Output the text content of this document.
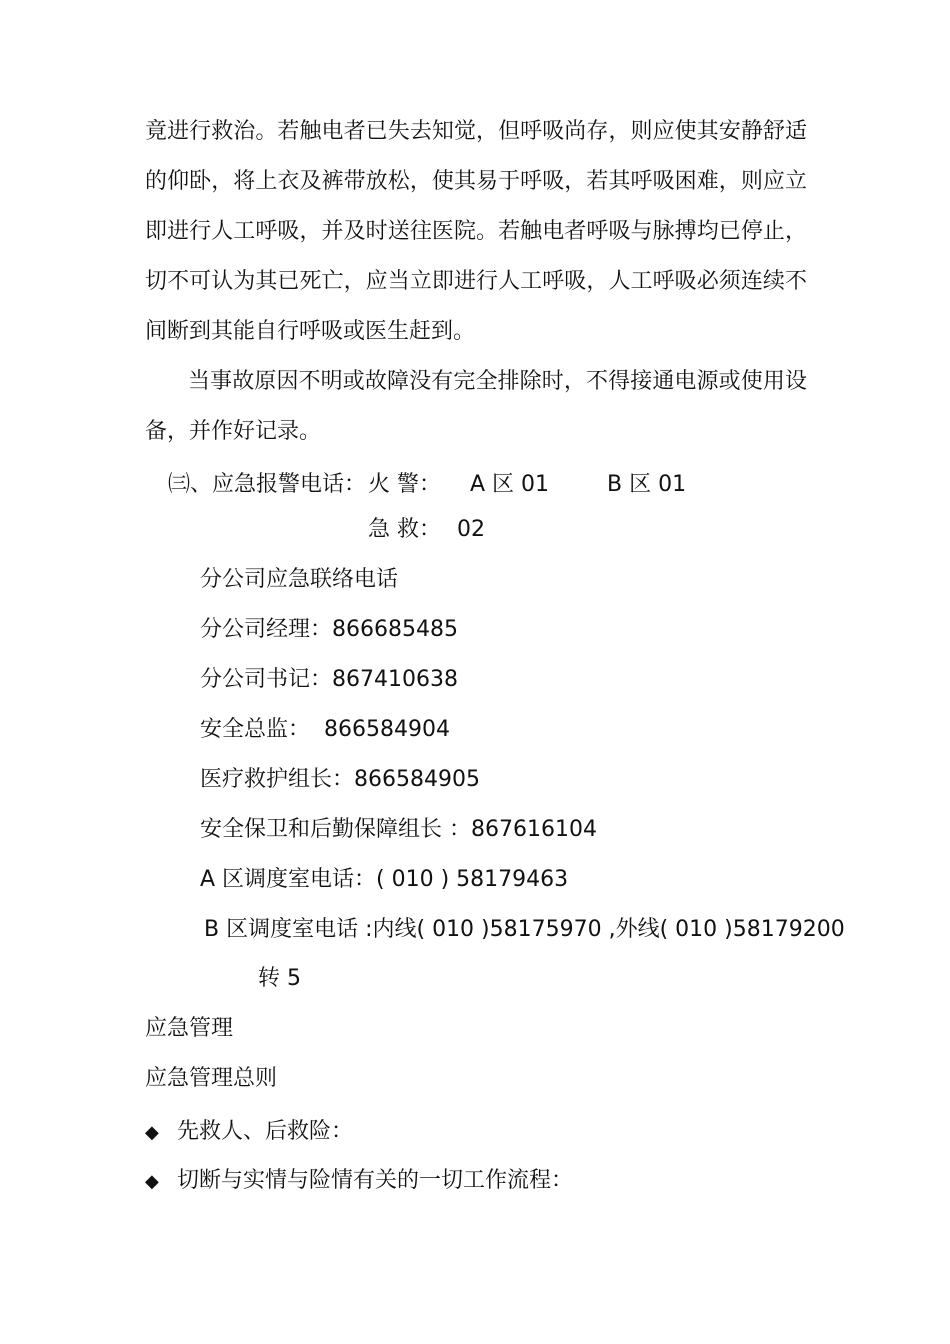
竟进行救治。若触电者已失去知觉，但呼吸尚存，则应使其安静舒适
的仰卧，将上衣及裤带放松，使其易于呼吸，若其呼吸困难，则应立
即进行人工呼吸，并及时送往医院。若触电者呼吸与脉搏均已停止，
切不可认为其已死亡，应当立即进行人工呼吸，人工呼吸必须连续不
间断到其能自行呼吸或医生赶到。
当事故原因不明或故障没有完全排除时，不得接通电源或使用设
备，并作好记录。
㈢、应急报警电话： 火 警： A 区 01	B 区 01
急 救： 02
分公司应急联络电话
分公司经理：866685485
分公司书记：867410638
安全总监：  866584904
医疗救护组长：866584905
安全保卫和后勤保障组长 ：867616104
A 区调度室电话：( 010 ) 58179463
B 区调度室电话 :内线( 010 )58175970 ,外线( 010 )58179200
转 5
应急管理
应急管理总则
◆ 先救人、后救险：
◆ 切断与实情与险情有关的一切工作流程：
